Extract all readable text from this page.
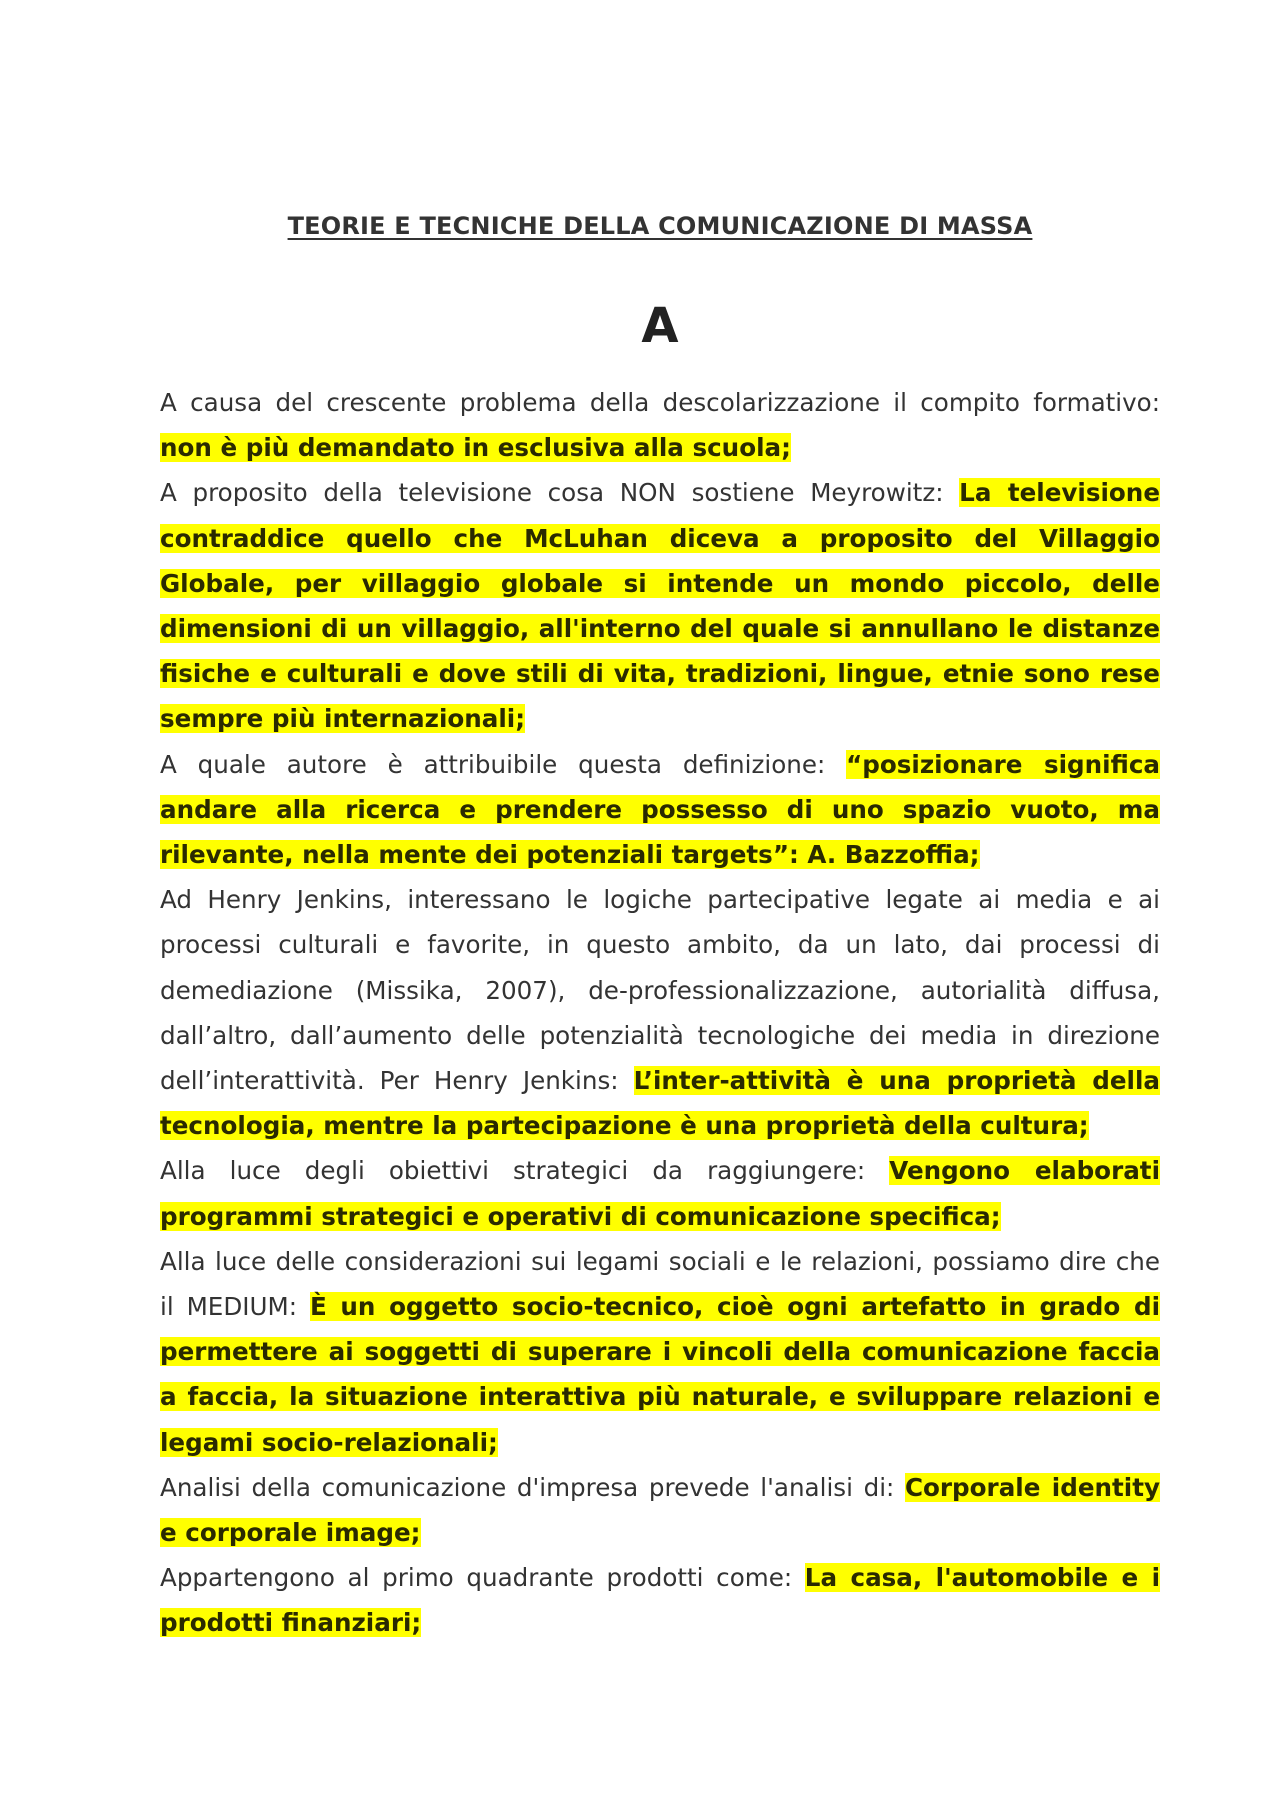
TEORIE E TECNICHE DELLA COMUNICAZIONE DI MASSA
A

A causa del crescente problema della descolarizzazione il compito formativo: non è più demandato in esclusiva alla scuola;

A proposito della televisione cosa NON sostiene Meyrowitz: La televisione contraddice quello che McLuhan diceva a proposito del Villaggio Globale, per villaggio globale si intende un mondo piccolo, delle dimensioni di un villaggio, all'interno del quale si annullano le distanze fisiche e culturali e dove stili di vita, tradizioni, lingue, etnie sono rese sempre più internazionali;

A quale autore è attribuibile questa definizione: “posizionare significa andare alla ricerca e prendere possesso di uno spazio vuoto, ma rilevante, nella mente dei potenziali targets”: A. Bazzoffia;

Ad Henry Jenkins, interessano le logiche partecipative legate ai media e ai processi culturali e favorite, in questo ambito, da un lato, dai processi di demediazione (Missika, 2007), de-professionalizzazione, autorialità diffusa, dall’altro, dall’aumento delle potenzialità tecnologiche dei media in direzione dell’interattività. Per Henry Jenkins: L’inter-attività è una proprietà della tecnologia, mentre la partecipazione è una proprietà della cultura;

Alla luce degli obiettivi strategici da raggiungere: Vengono elaborati programmi strategici e operativi di comunicazione specifica;

Alla luce delle considerazioni sui legami sociali e le relazioni, possiamo dire che il MEDIUM: È un oggetto socio-tecnico, cioè ogni artefatto in grado di permettere ai soggetti di superare i vincoli della comunicazione faccia a faccia, la situazione interattiva più naturale, e sviluppare relazioni e legami socio-relazionali;

Analisi della comunicazione d'impresa prevede l'analisi di: Corporale identity e corporale image;

Appartengono al primo quadrante prodotti come: La casa, l'automobile e i prodotti finanziari;
